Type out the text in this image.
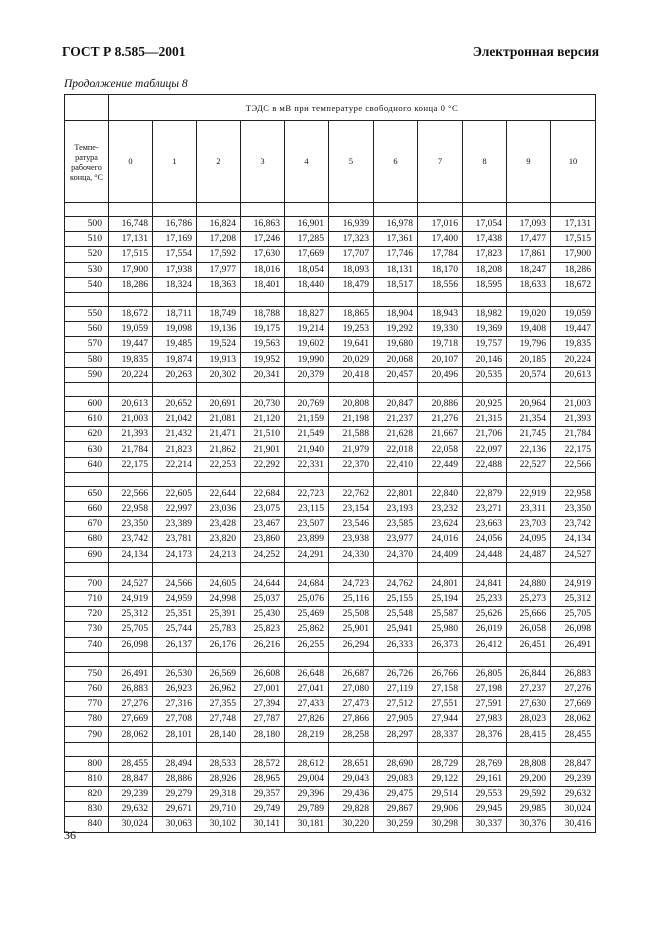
ГОСТ Р 8.585—2001	Электронная версия
Продолжение таблицы 8
	ТЭДС в мВ при температуре свободного конца 0 °С										
Темпе-ратура рабочего конца, °С	0	1	2	3	4	5	6	7	8	9	10

500	16,748	16,786	16,824	16,863	16,901	16,939	16,978	17,016	17,054	17,093	17,131
510	17,131	17,169	17,208	17,246	17,285	17,323	17,361	17,400	17,438	17,477	17,515
520	17,515	17,554	17,592	17,630	17,669	17,707	17,746	17,784	17,823	17,861	17,900
530	17,900	17,938	17,977	18,016	18,054	18,093	18,131	18,170	18,208	18,247	18,286
540	18,286	18,324	18,363	18,401	18,440	18,479	18,517	18,556	18,595	18,633	18,672

550	18,672	18,711	18,749	18,788	18,827	18,865	18,904	18,943	18,982	19,020	19,059
560	19,059	19,098	19,136	19,175	19,214	19,253	19,292	19,330	19,369	19,408	19,447
570	19,447	19,485	19,524	19,563	19,602	19,641	19,680	19,718	19,757	19,796	19,835
580	19,835	19,874	19,913	19,952	19,990	20,029	20,068	20,107	20,146	20,185	20,224
590	20,224	20,263	20,302	20,341	20,379	20,418	20,457	20,496	20,535	20,574	20,613

600	20,613	20,652	20,691	20,730	20,769	20,808	20,847	20,886	20,925	20,964	21,003
610	21,003	21,042	21,081	21,120	21,159	21,198	21,237	21,276	21,315	21,354	21,393
620	21,393	21,432	21,471	21,510	21,549	21,588	21,628	21,667	21,706	21,745	21,784
630	21,784	21,823	21,862	21,901	21,940	21,979	22,018	22,058	22,097	22,136	22,175
640	22,175	22,214	22,253	22,292	22,331	22,370	22,410	22,449	22,488	22,527	22,566

650	22,566	22,605	22,644	22,684	22,723	22,762	22,801	22,840	22,879	22,919	22,958
660	22,958	22,997	23,036	23,075	23,115	23,154	23,193	23,232	23,271	23,311	23,350
670	23,350	23,389	23,428	23,467	23,507	23,546	23,585	23,624	23,663	23,703	23,742
680	23,742	23,781	23,820	23,860	23,899	23,938	23,977	24,016	24,056	24,095	24,134
690	24,134	24,173	24,213	24,252	24,291	24,330	24,370	24,409	24,448	24,487	24,527

700	24,527	24,566	24,605	24,644	24,684	24,723	24,762	24,801	24,841	24,880	24,919
710	24,919	24,959	24,998	25,037	25,076	25,116	25,155	25,194	25,233	25,273	25,312
720	25,312	25,351	25,391	25,430	25,469	25,508	25,548	25,587	25,626	25,666	25,705
730	25,705	25,744	25,783	25,823	25,862	25,901	25,941	25,980	26,019	26,058	26,098
740	26,098	26,137	26,176	26,216	26,255	26,294	26,333	26,373	26,412	26,451	26,491

750	26,491	26,530	26,569	26,608	26,648	26,687	26,726	26,766	26,805	26,844	26,883
760	26,883	26,923	26,962	27,001	27,041	27,080	27,119	27,158	27,198	27,237	27,276
770	27,276	27,316	27,355	27,394	27,433	27,473	27,512	27,551	27,591	27,630	27,669
780	27,669	27,708	27,748	27,787	27,826	27,866	27,905	27,944	27,983	28,023	28,062
790	28,062	28,101	28,140	28,180	28,219	28,258	28,297	28,337	28,376	28,415	28,455

800	28,455	28,494	28,533	28,572	28,612	28,651	28,690	28,729	28,769	28,808	28,847
810	28,847	28,886	28,926	28,965	29,004	29,043	29,083	29,122	29,161	29,200	29,239
820	29,239	29,279	29,318	29,357	29,396	29,436	29,475	29,514	29,553	29,592	29,632
830	29,632	29,671	29,710	29,749	29,789	29,828	29,867	29,906	29,945	29,985	30,024
840	30,024	30,063	30,102	30,141	30,181	30,220	30,259	30,298	30,337	30,376	30,416
36
